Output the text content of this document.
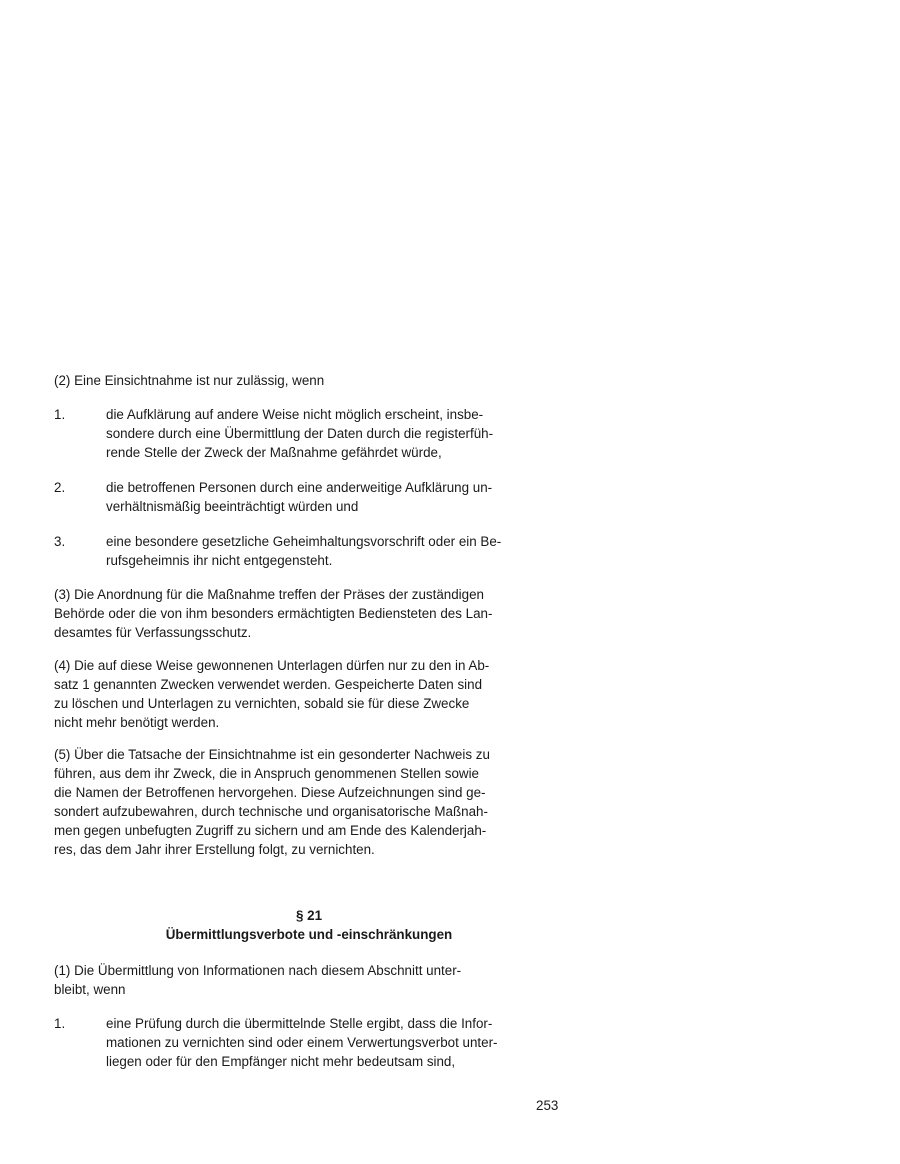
(2) Eine Einsichtnahme ist nur zulässig, wenn
1.	die Aufklärung auf andere Weise nicht möglich erscheint, insbe-
sondere durch eine Übermittlung der Daten durch die registerfüh-
rende Stelle der Zweck der Maßnahme gefährdet würde,
2.	die betroffenen Personen durch eine anderweitige Aufklärung un-
verhältnismäßig beeinträchtigt würden und
3.	eine besondere gesetzliche Geheimhaltungsvorschrift oder ein Be-
rufsgeheimnis ihr nicht entgegensteht.
(3) Die Anordnung für die Maßnahme treffen der Präses der zuständigen
Behörde oder die von ihm besonders ermächtigten Bediensteten des Lan-
desamtes für Verfassungsschutz.
(4) Die auf diese Weise gewonnenen Unterlagen dürfen nur zu den in Ab-
satz 1 genannten Zwecken verwendet werden. Gespeicherte Daten sind
zu löschen und Unterlagen zu vernichten, sobald sie für diese Zwecke
nicht mehr benötigt werden.
(5) Über die Tatsache der Einsichtnahme ist ein gesonderter Nachweis zu
führen, aus dem ihr Zweck, die in Anspruch genommenen Stellen sowie
die Namen der Betroffenen hervorgehen. Diese Aufzeichnungen sind ge-
sondert aufzubewahren, durch technische und organisatorische Maßnah-
men gegen unbefugten Zugriff zu sichern und am Ende des Kalenderjah-
res, das dem Jahr ihrer Erstellung folgt, zu vernichten.
§ 21
Übermittlungsverbote und -einschränkungen
(1) Die Übermittlung von Informationen nach diesem Abschnitt unter-
bleibt, wenn
1.	eine Prüfung durch die übermittelnde Stelle ergibt, dass die Infor-
mationen zu vernichten sind oder einem Verwertungsverbot unter-
liegen oder für den Empfänger nicht mehr bedeutsam sind,
253
